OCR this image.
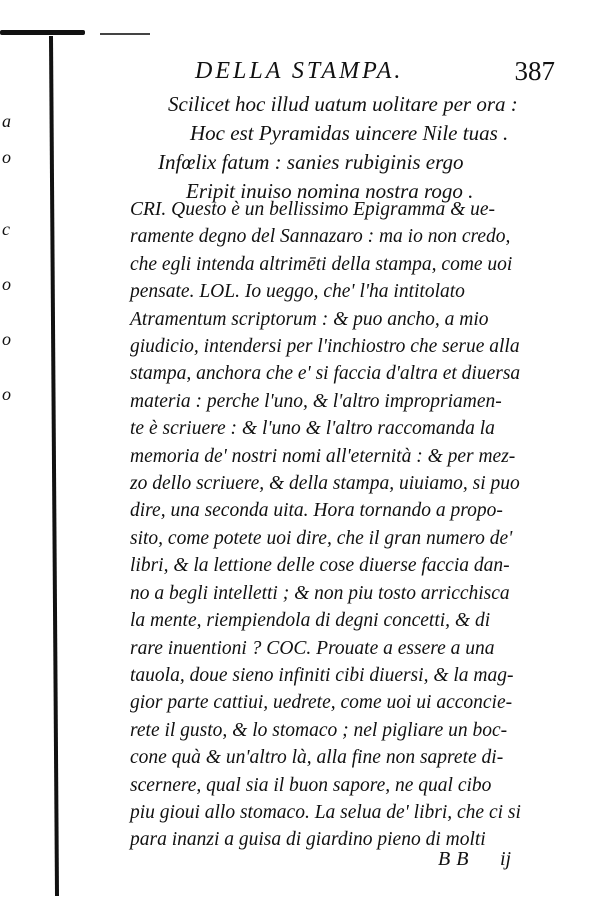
a
o
c
o
o
o
DELLA STAMPA.	387
Scilicet hoc illud uatum uolitare per ora :
Hoc est Pyramidas uincere Nile tuas .
Infœlix fatum : sanies rubiginis ergo
Eripit inuiso nomina nostra rogo .
CRI. Questo è un bellissimo Epigramma & ue-
ramente degno del Sannazaro : ma io non credo,
che egli intenda altrimēti della stampa, come uoi
pensate. LOL. Io ueggo, che' l'ha intitolato
Atramentum scriptorum : & puo ancho, a mio
giudicio, intendersi per l'inchiostro che serue alla
stampa, anchora che e' si faccia d'altra et diuersa
materia : perche l'uno, & l'altro impropriamen-
te è scriuere : & l'uno & l'altro raccomanda la
memoria de' nostri nomi all'eternità : & per mez-
zo dello scriuere, & della stampa, uiuiamo, si puo
dire, una seconda uita. Hora tornando a propo-
sito, come potete uoi dire, che il gran numero de'
libri, & la lettione delle cose diuerse faccia dan-
no a begli intelletti ; & non piu tosto arricchisca
la mente, riempiendola di degni concetti, & di
rare inuentioni ? COC. Prouate a essere a una
tauola, doue sieno infiniti cibi diuersi, & la mag-
gior parte cattiui, uedrete, come uoi ui acconcie-
rete il gusto, & lo stomaco ; nel pigliare un boc-
cone quà & un'altro là, alla fine non saprete di-
scernere, qual sia il buon sapore, ne qual cibo
piu gioui allo stomaco. La selua de' libri, che ci si
para inanzi a guisa di giardino pieno di molti
BB ij
